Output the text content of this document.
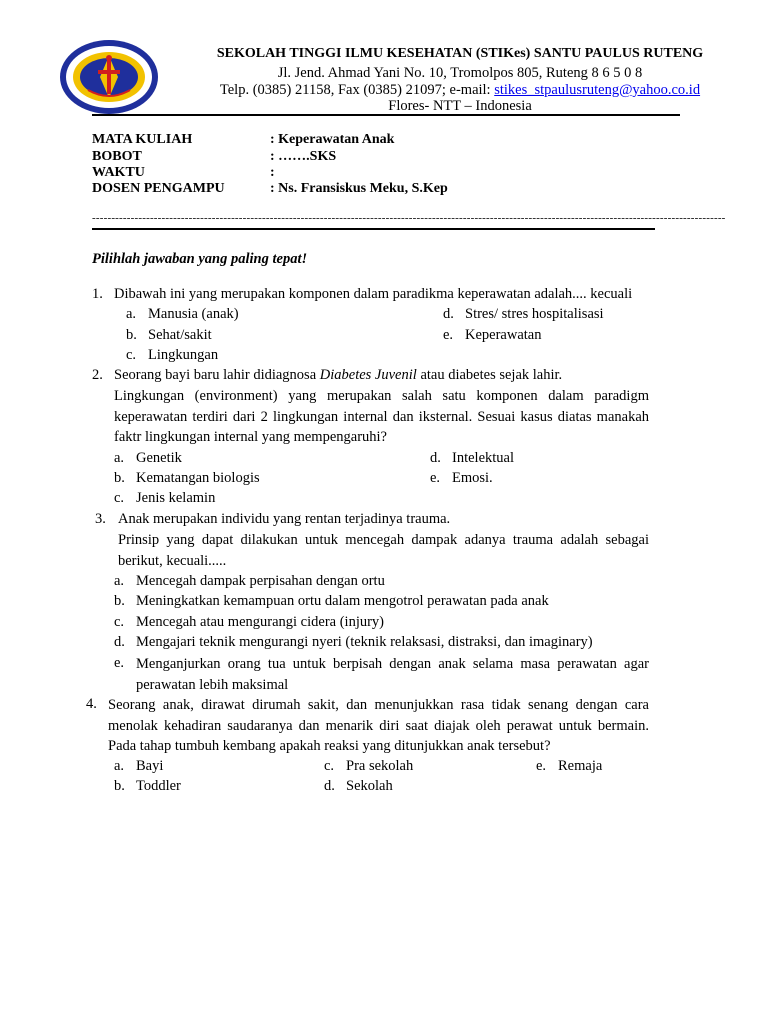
SEKOLAH TINGGI ILMU KESEHATAN (STIKes) SANTU PAULUS RUTENG
Jl. Jend. Ahmad Yani No. 10, Tromolpos 805, Ruteng 8 6 5 0 8
Telp. (0385) 21158, Fax (0385) 21097; e-mail: stikes_stpaulusruteng@yahoo.co.id
Flores- NTT – Indonesia
MATA KULIAH	: Keperawatan Anak
BOBOT	: …….SKS
WAKTU	:
DOSEN PENGAMPU	: Ns. Fransiskus Meku, S.Kep
--------------------------------------------------------------------------------------------------------------------------------------------------------------------
Pilihlah jawaban yang paling tepat!
1. Dibawah ini yang merupakan komponen dalam paradikma keperawatan adalah.... kecuali
a. Manusia (anak)
b. Sehat/sakit
c. Lingkungan
d. Stres/ stres hospitalisasi
e. Keperawatan
2. Seorang bayi baru lahir didiagnosa Diabetes Juvenil atau diabetes sejak lahir.
Lingkungan (environment) yang merupakan salah satu komponen dalam paradigm keperawatan terdiri dari 2 lingkungan internal dan iksternal. Sesuai kasus diatas manakah faktr lingkungan internal yang mempengaruhi?
a. Genetik
b. Kematangan biologis
c. Jenis kelamin
d. Intelektual
e. Emosi.
3. Anak merupakan individu yang rentan terjadinya trauma.
Prinsip yang dapat dilakukan untuk mencegah dampak adanya trauma adalah sebagai berikut, kecuali.....
a. Mencegah dampak perpisahan dengan ortu
b. Meningkatkan kemampuan ortu dalam mengotrol perawatan pada anak
c. Mencegah atau mengurangi cidera (injury)
d. Mengajari teknik mengurangi nyeri (teknik relaksasi, distraksi, dan imaginary)
e. Menganjurkan orang tua untuk berpisah dengan anak selama masa perawatan agar perawatan lebih maksimal
4. Seorang anak, dirawat dirumah sakit, dan menunjukkan rasa tidak senang dengan cara menolak kehadiran saudaranya dan menarik diri saat diajak oleh perawat untuk bermain. Pada tahap tumbuh kembang apakah reaksi yang ditunjukkan anak tersebut?
a. Bayi
b. Toddler
c. Pra sekolah
d. Sekolah
e. Remaja
